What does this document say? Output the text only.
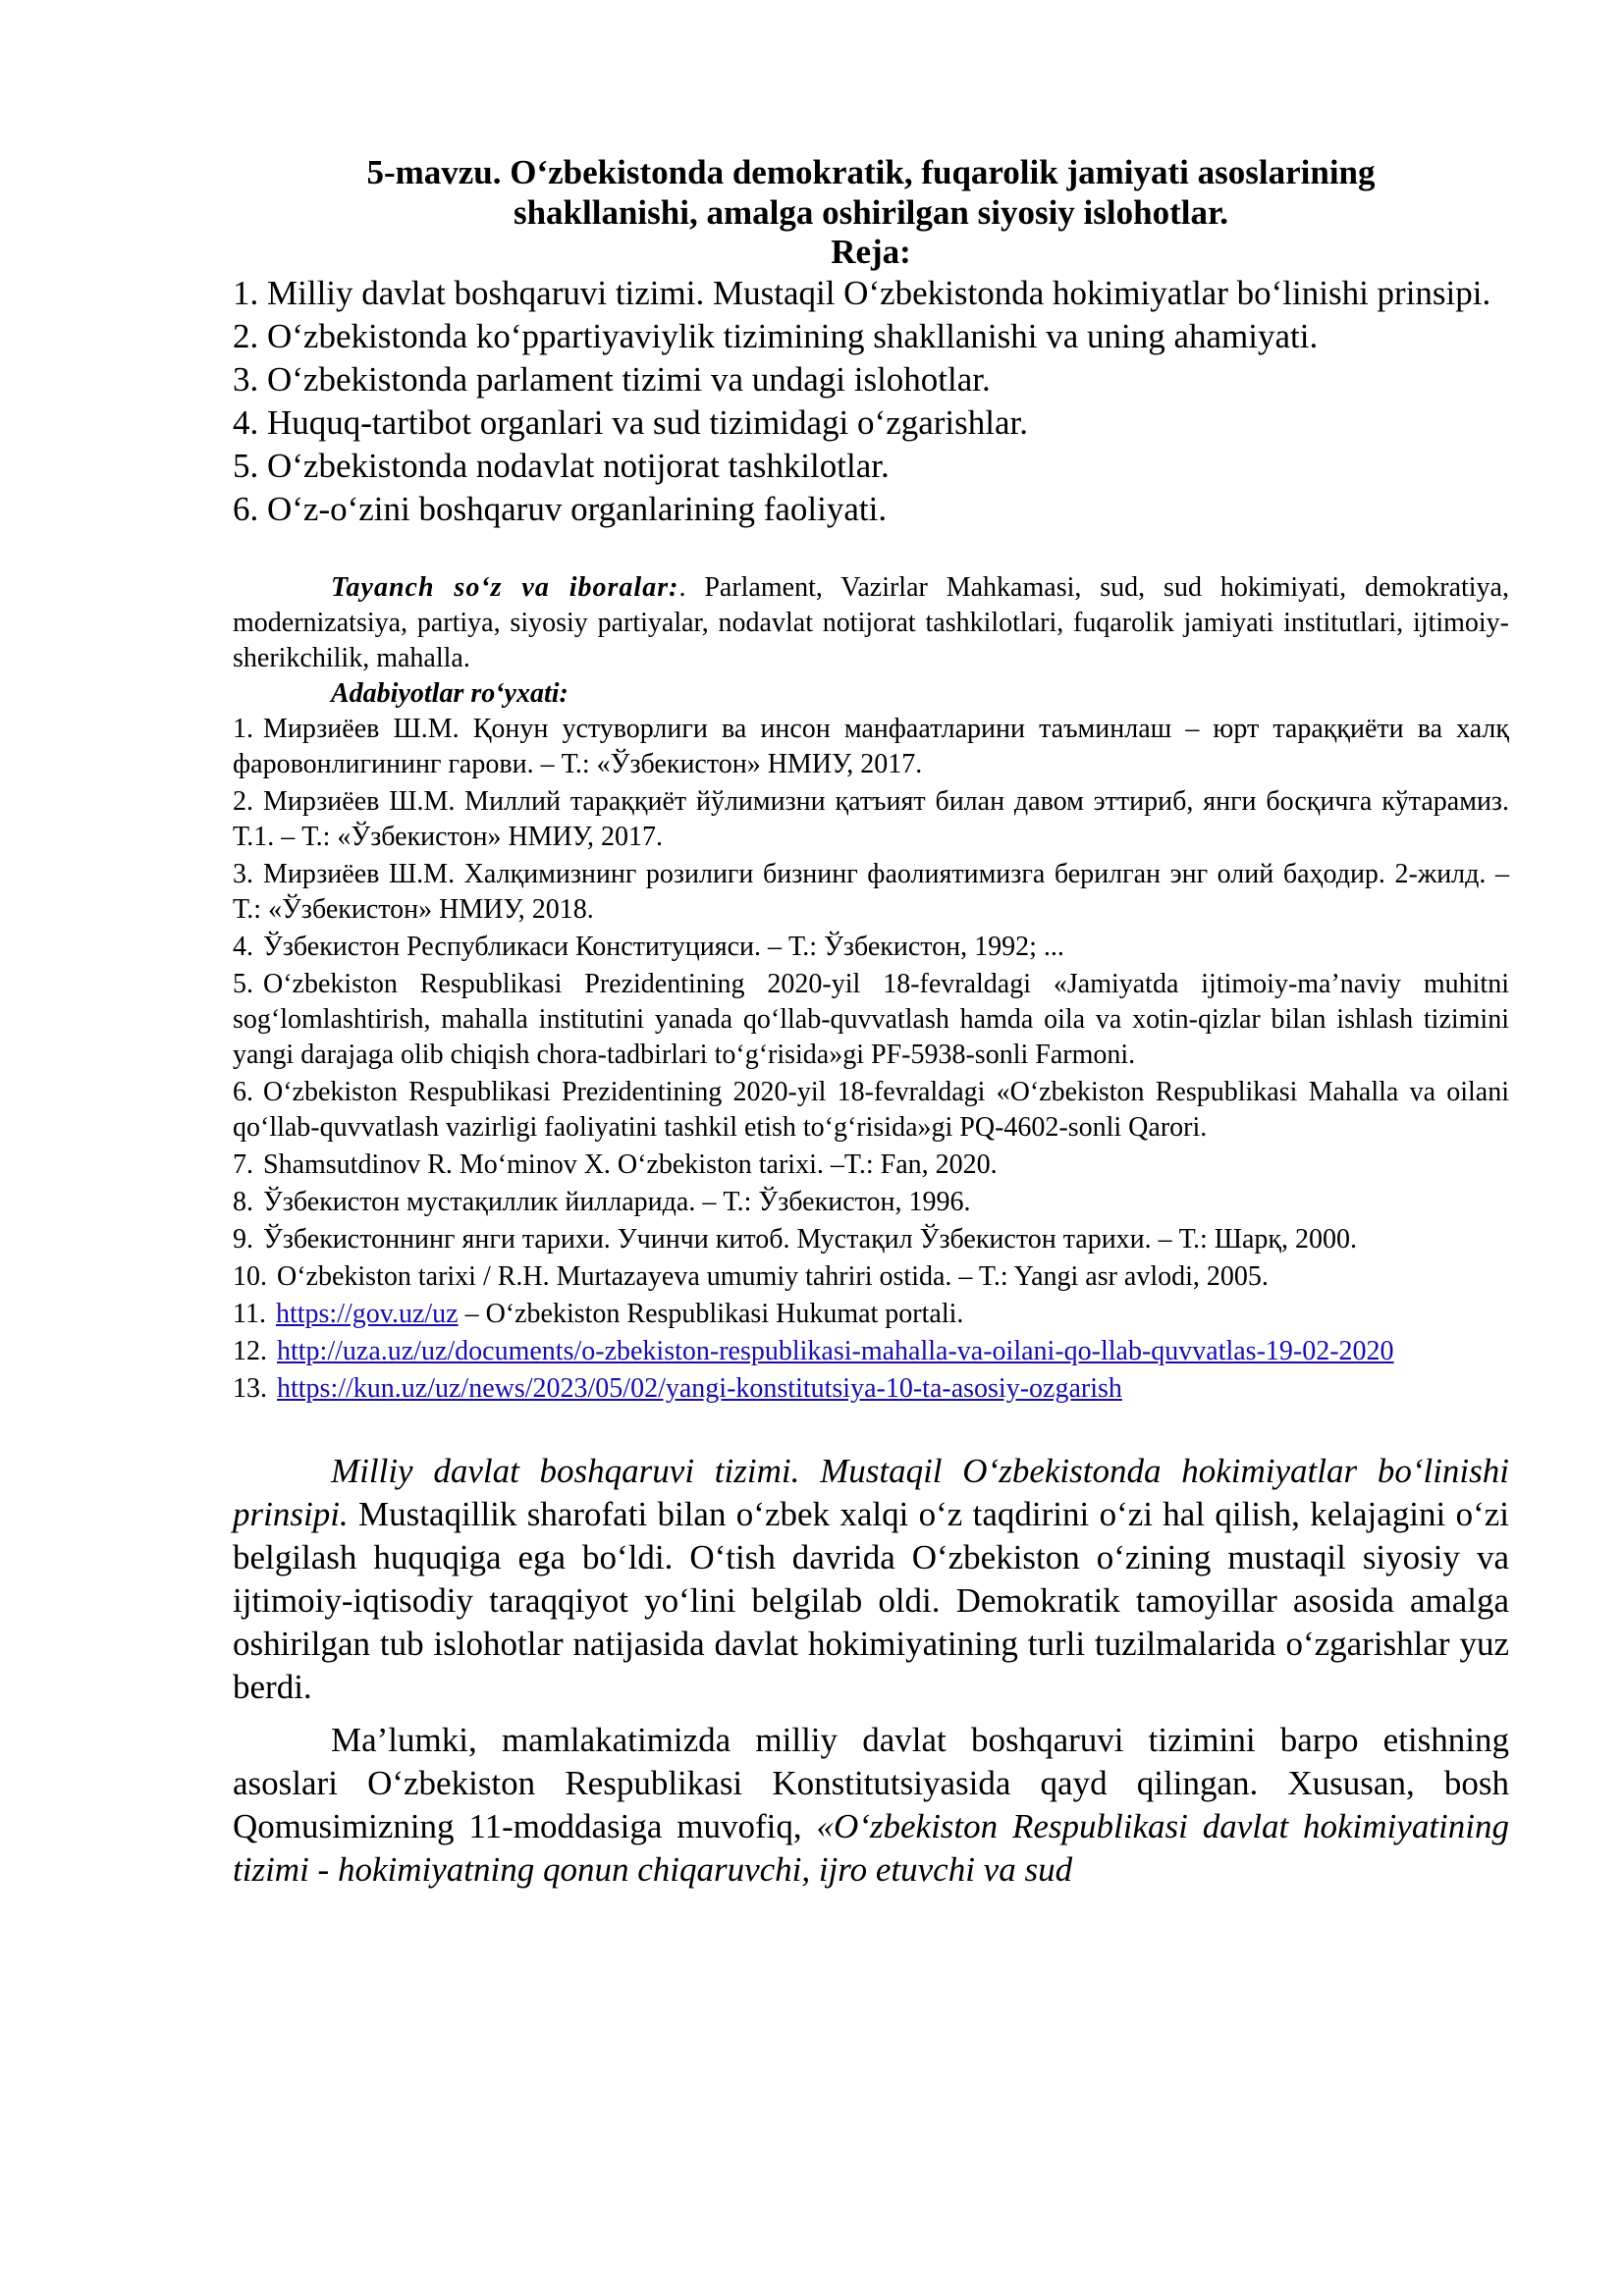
5-mavzu. O‘zbekistonda demokratik, fuqarolik jamiyati asoslarining
shakllanishi, amalga oshirilgan siyosiy islohotlar.

Reja:

1. Milliy davlat boshqaruvi tizimi. Mustaqil O‘zbekistonda hokimiyatlar bo‘linishi prinsipi.
2. O‘zbekistonda ko‘ppartiyaviylik tizimining shakllanishi va uning ahamiyati.
3. O‘zbekistonda parlament tizimi va undagi islohotlar.
4. Huquq-tartibot organlari va sud tizimidagi o‘zgarishlar.
5. O‘zbekistonda nodavlat notijorat tashkilotlar.
6. O‘z-o‘zini boshqaruv organlarining faoliyati.

Tayanch so‘z va iboralar:. Parlament, Vazirlar Mahkamasi, sud, sud hokimiyati, demokratiya, modernizatsiya, partiya, siyosiy partiyalar, nodavlat notijorat tashkilotlari, fuqarolik jamiyati institutlari, ijtimoiy-sherikchilik, mahalla.

Adabiyotlar ro‘yxati:

1. Мирзиёев Ш.М. Қонун устуворлиги ва инсон манфаатларини таъминлаш – юрт тараққиёти ва халқ фаровонлигининг гарови. – Т.: «Ўзбекистон» НМИУ, 2017.
2. Мирзиёев Ш.М. Миллий тараққиёт йўлимизни қатъият билан давом эттириб, янги босқичга кўтарамиз. Т.1. – Т.: «Ўзбекистон» НМИУ, 2017.
3. Мирзиёев Ш.М. Халқимизнинг розилиги бизнинг фаолиятимизга берилган энг олий баҳодир. 2-жилд. – Т.: «Ўзбекистон» НМИУ, 2018.
4. Ўзбекистон Республикаси Конституцияси. – Т.: Ўзбекистон, 1992; ...
5. O‘zbekiston Respublikasi Prezidentining 2020-yil 18-fevraldagi «Jamiyatda ijtimoiy-ma’naviy muhitni sog‘lomlashtirish, mahalla institutini yanada qo‘llab-quvvatlash hamda oila va xotin-qizlar bilan ishlash tizimini yangi darajaga olib chiqish chora-tadbirlari to‘g‘risida»gi PF-5938-sonli Farmoni.
6. O‘zbekiston Respublikasi Prezidentining 2020-yil 18-fevraldagi «O‘zbekiston Respublikasi Mahalla va oilani qo‘llab-quvvatlash vazirligi faoliyatini tashkil etish to‘g‘risida»gi PQ-4602-sonli Qarori.
7. Shamsutdinov R. Mo‘minov X. O‘zbekiston tarixi. –T.: Fan, 2020.
8. Ўзбекистон мустақиллик йилларида. – Т.: Ўзбекистон, 1996.
9. Ўзбекистоннинг янги тарихи. Учинчи китоб. Мустақил Ўзбекистон тарихи. – Т.: Шарқ, 2000.
10. O‘zbekiston tarixi / R.H. Murtazayeva umumiy tahriri ostida. – T.: Yangi asr avlodi, 2005.
11. https://gov.uz/uz – O‘zbekiston Respublikasi Hukumat portali.
12. http://uza.uz/uz/documents/o-zbekiston-respublikasi-mahalla-va-oilani-qo-llab-quvvatlas-19-02-2020
13. https://kun.uz/uz/news/2023/05/02/yangi-konstitutsiya-10-ta-asosiy-ozgarish

Milliy davlat boshqaruvi tizimi. Mustaqil O‘zbekistonda hokimiyatlar bo‘linishi prinsipi. Mustaqillik sharofati bilan o‘zbek xalqi o‘z taqdirini o‘zi hal qilish, kelajagini o‘zi belgilash huquqiga ega bo‘ldi. O‘tish davrida O‘zbekiston o‘zining mustaqil siyosiy va ijtimoiy-iqtisodiy taraqqiyot yo‘lini belgilab oldi. Demokratik tamoyillar asosida amalga oshirilgan tub islohotlar natijasida davlat hokimiyatining turli tuzilmalarida o‘zgarishlar yuz berdi.

Ma’lumki, mamlakatimizda milliy davlat boshqaruvi tizimini barpo etishning asoslari O‘zbekiston Respublikasi Konstitutsiyasida qayd qilingan. Xususan, bosh Qomusimizning 11-moddasiga muvofiq, «O‘zbekiston Respublikasi davlat hokimiyatining tizimi - hokimiyatning qonun chiqaruvchi, ijro etuvchi va sud
